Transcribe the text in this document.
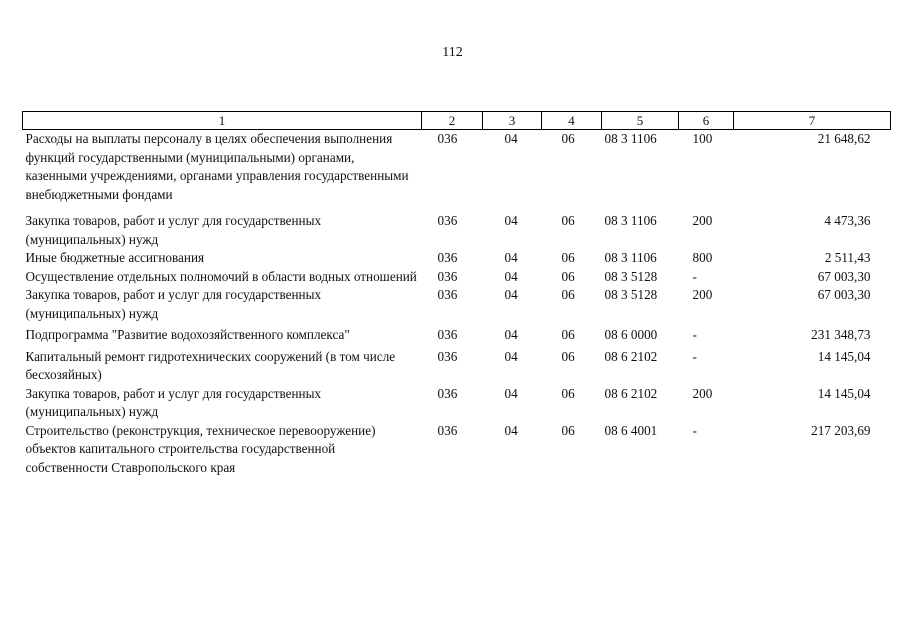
112
1	2	3	4	5	6	7
Расходы на выплаты персоналу в целях обеспечения выполнения функций государственными (муниципальными) органами, казенными учреждениями, органами управления государственными внебюджетными фондами	036	04	06	08 3 1106	100	21 648,62
Закупка товаров, работ и услуг для государственных (муниципальных) нужд	036	04	06	08 3 1106	200	4 473,36
Иные бюджетные ассигнования	036	04	06	08 3 1106	800	2 511,43
Осуществление отдельных полномочий в области водных отношений	036	04	06	08 3 5128	-	67 003,30
Закупка товаров, работ и услуг для государственных (муниципальных) нужд	036	04	06	08 3 5128	200	67 003,30
Подпрограмма "Развитие водохозяйственного комплекса"	036	04	06	08 6 0000	-	231 348,73
Капитальный ремонт гидротехнических сооружений (в том числе бесхозяйных)	036	04	06	08 6 2102	-	14 145,04
Закупка товаров, работ и услуг для государственных (муниципальных) нужд	036	04	06	08 6 2102	200	14 145,04
Строительство (реконструкция, техническое перевооружение) объектов капитального строительства государственной собственности Ставропольского края	036	04	06	08 6 4001	-	217 203,69
